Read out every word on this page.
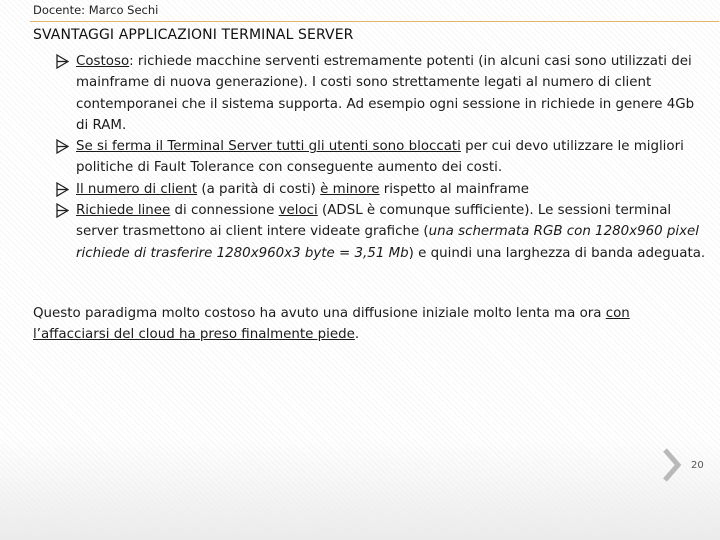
Docente: Marco Sechi
SVANTAGGI APPLICAZIONI TERMINAL SERVER
Costoso: richiede macchine serventi estremamente potenti (in alcuni casi sono utilizzati dei mainframe di nuova generazione). I costi sono strettamente legati al numero di client contemporanei che il sistema supporta. Ad esempio ogni sessione in richiede in genere 4Gb di RAM.
Se si ferma il Terminal Server tutti gli utenti sono bloccati per cui devo utilizzare le migliori politiche di Fault Tolerance con conseguente aumento dei costi.
Il numero di client (a parità di costi) è minore rispetto al mainframe
Richiede linee di connessione veloci (ADSL è comunque sufficiente). Le sessioni terminal server trasmettono ai client intere videate grafiche (una schermata RGB con 1280x960 pixel richiede di trasferire 1280x960x3 byte = 3,51 Mb) e quindi una larghezza di banda adeguata.

Questo paradigma molto costoso ha avuto una diffusione iniziale molto lenta ma ora con l’affacciarsi del cloud ha preso finalmente piede.

20
